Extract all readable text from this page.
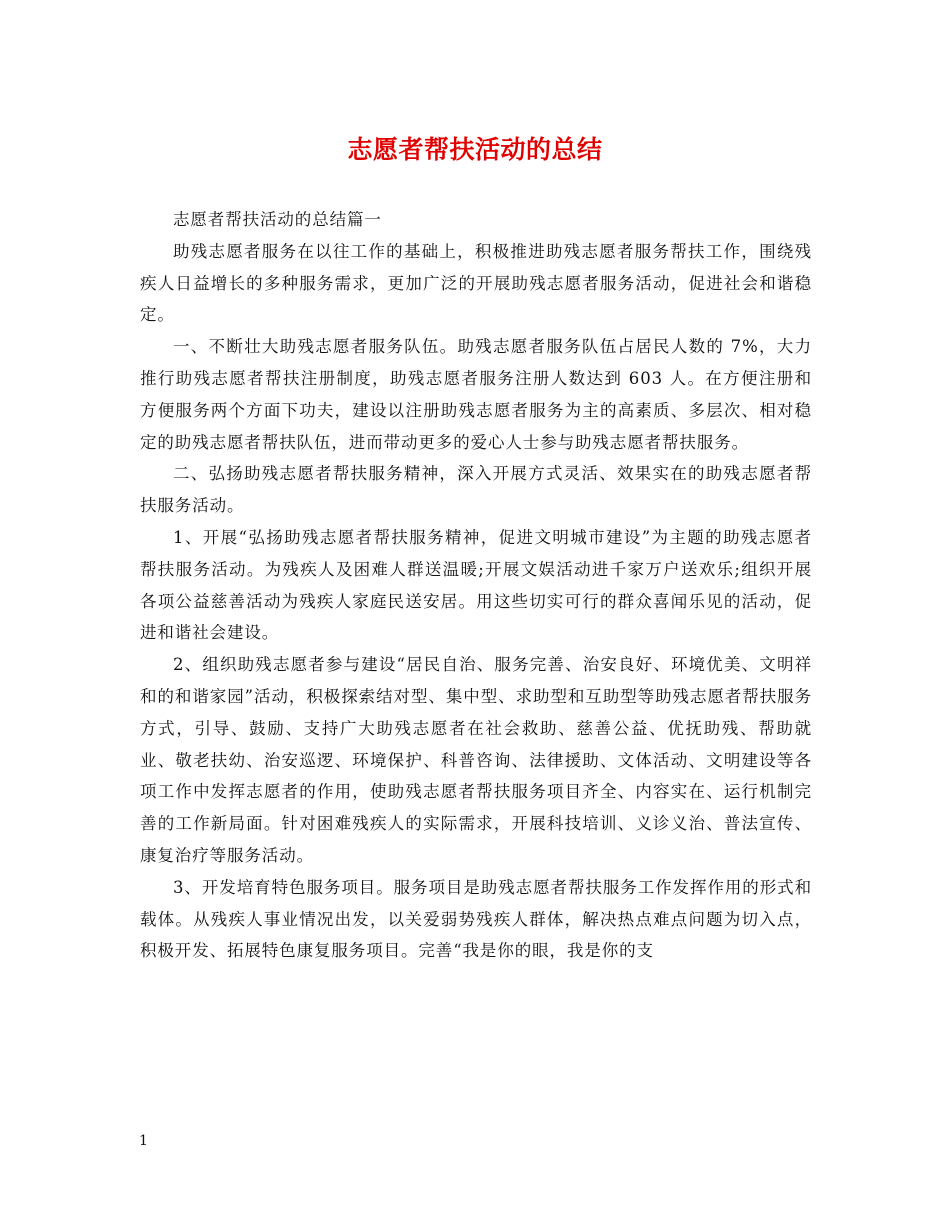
志愿者帮扶活动的总结

志愿者帮扶活动的总结篇一

助残志愿者服务在以往工作的基础上，积极推进助残志愿者服务帮扶工作，围绕残疾人日益增长的多种服务需求，更加广泛的开展助残志愿者服务活动，促进社会和谐稳定。

一、不断壮大助残志愿者服务队伍。助残志愿者服务队伍占居民人数的 7%，大力推行助残志愿者帮扶注册制度，助残志愿者服务注册人数达到 603 人。在方便注册和方便服务两个方面下功夫，建设以注册助残志愿者服务为主的高素质、多层次、相对稳定的助残志愿者帮扶队伍，进而带动更多的爱心人士参与助残志愿者帮扶服务。

二、弘扬助残志愿者帮扶服务精神，深入开展方式灵活、效果实在的助残志愿者帮扶服务活动。

1、开展“弘扬助残志愿者帮扶服务精神，促进文明城市建设”为主题的助残志愿者帮扶服务活动。为残疾人及困难人群送温暖;开展文娱活动进千家万户送欢乐;组织开展各项公益慈善活动为残疾人家庭民送安居。用这些切实可行的群众喜闻乐见的活动，促进和谐社会建设。

2、组织助残志愿者参与建设“居民自治、服务完善、治安良好、环境优美、文明祥和的和谐家园”活动，积极探索结对型、集中型、求助型和互助型等助残志愿者帮扶服务方式，引导、鼓励、支持广大助残志愿者在社会救助、慈善公益、优抚助残、帮助就业、敬老扶幼、治安巡逻、环境保护、科普咨询、法律援助、文体活动、文明建设等各项工作中发挥志愿者的作用，使助残志愿者帮扶服务项目齐全、内容实在、运行机制完善的工作新局面。针对困难残疾人的实际需求，开展科技培训、义诊义治、普法宣传、康复治疗等服务活动。

3、开发培育特色服务项目。服务项目是助残志愿者帮扶服务工作发挥作用的形式和载体。从残疾人事业情况出发，以关爱弱势残疾人群体，解决热点难点问题为切入点，积极开发、拓展特色康复服务项目。完善“我是你的眼，我是你的支

1
